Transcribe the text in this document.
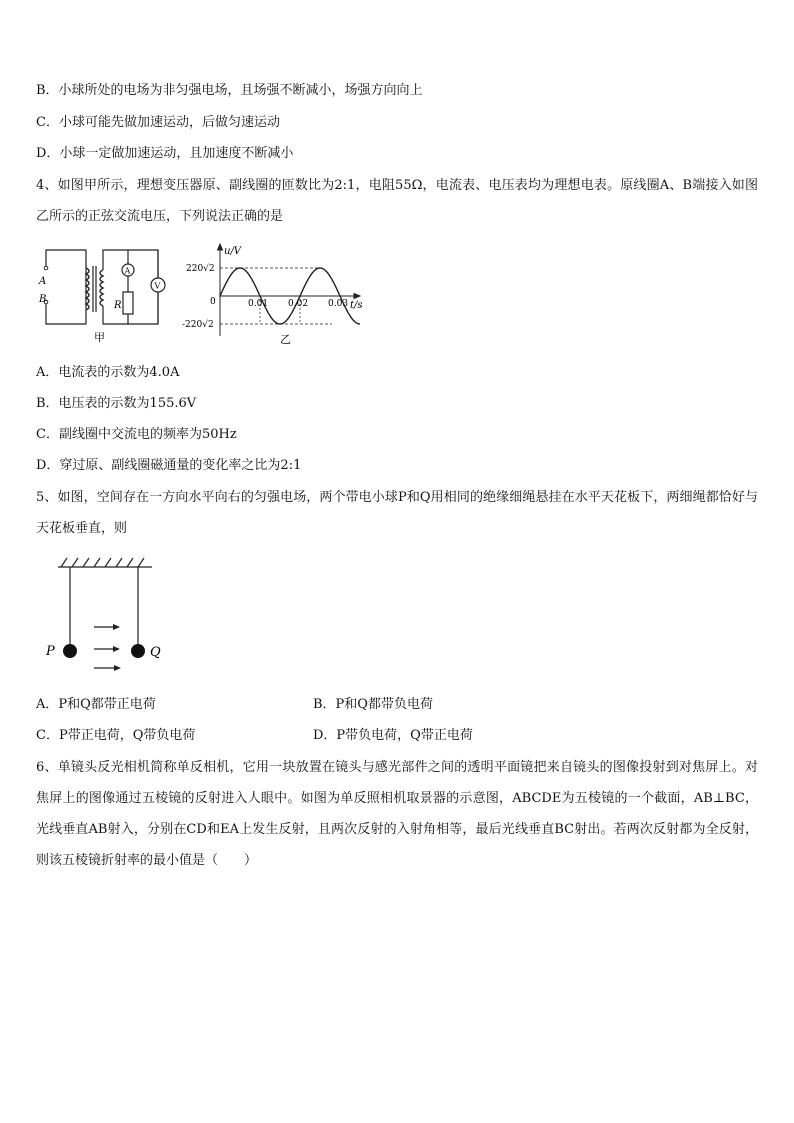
B．小球所处的电场为非匀强电场，且场强不断减小，场强方向向上
C．小球可能先做加速运动，后做匀速运动
D．小球一定做加速运动，且加速度不断减小
4、如图甲所示，理想变压器原、副线圈的匝数比为2:1，电阻55Ω，电流表、电压表均为理想电表。原线圈A、B端接入如图乙所示的正弦交流电压，下列说法正确的是
A
B
R
A
V
甲
u/V
220√2
-220√2
0	0.01 0.02 0.03 t/s
乙
A．电流表的示数为4.0A
B．电压表的示数为155.6V
C．副线圈中交流电的频率为50Hz
D．穿过原、副线圈磁通量的变化率之比为2:1
5、如图，空间存在一方向水平向右的匀强电场，两个带电小球P和Q用相同的绝缘细绳悬挂在水平天花板下，两细绳都恰好与天花板垂直，则
P	Q
A．P和Q都带正电荷	B．P和Q都带负电荷
C．P带正电荷，Q带负电荷	D．P带负电荷，Q带正电荷
6、单镜头反光相机简称单反相机，它用一块放置在镜头与感光部件之间的透明平面镜把来自镜头的图像投射到对焦屏上。对焦屏上的图像通过五棱镜的反射进入人眼中。如图为单反照相机取景器的示意图，ABCDE为五棱镜的一个截面，AB⊥BC，光线垂直AB射入，分别在CD和EA上发生反射，且两次反射的入射角相等，最后光线垂直BC射出。若两次反射都为全反射，则该五棱镜折射率的最小值是（　　）
